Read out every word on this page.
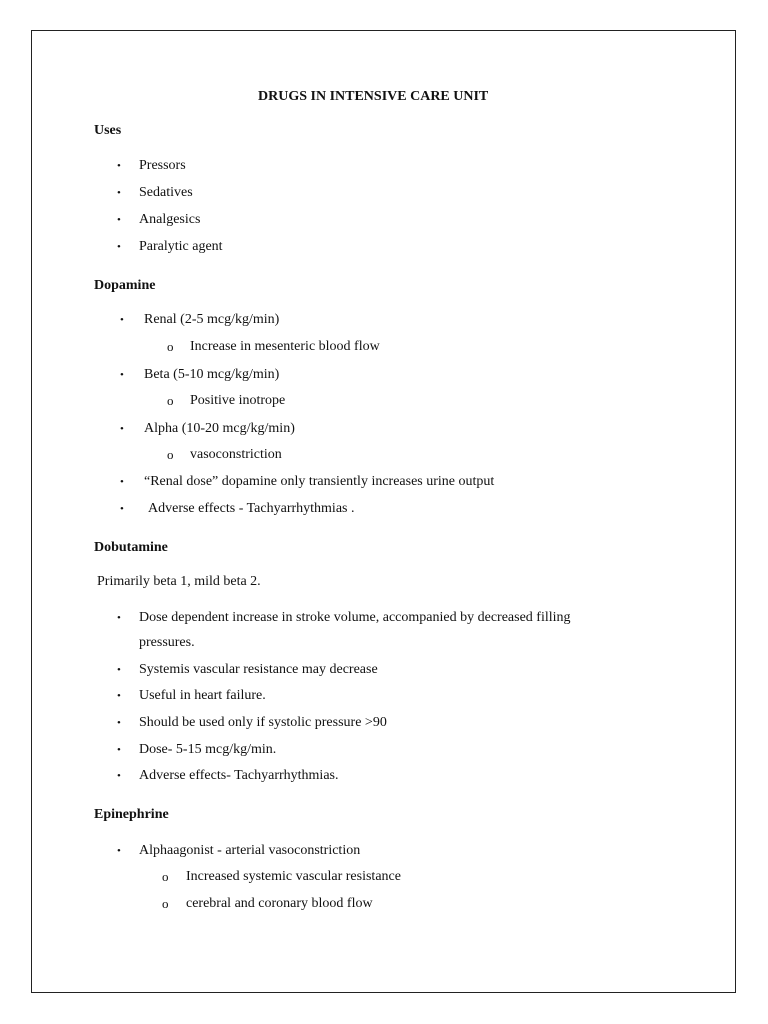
DRUGS IN INTENSIVE CARE UNIT
Uses
• Pressors
• Sedatives
• Analgesics
• Paralytic agent
Dopamine
• Renal (2-5 mcg/kg/min)
o Increase in mesenteric blood flow
• Beta (5-10 mcg/kg/min)
o Positive inotrope
• Alpha (10-20 mcg/kg/min)
o vasoconstriction
• “Renal dose” dopamine only transiently increases urine output
• Adverse effects - Tachyarrhythmias .
Dobutamine
Primarily beta 1, mild beta 2.
• Dose dependent increase in stroke volume, accompanied by decreased filling
pressures.
• Systemis vascular resistance may decrease
• Useful in heart failure.
• Should be used only if systolic pressure >90
• Dose- 5-15 mcg/kg/min.
• Adverse effects- Tachyarrhythmias.
Epinephrine
• Alphaagonist - arterial vasoconstriction
o Increased systemic vascular resistance
o cerebral and coronary blood flow
